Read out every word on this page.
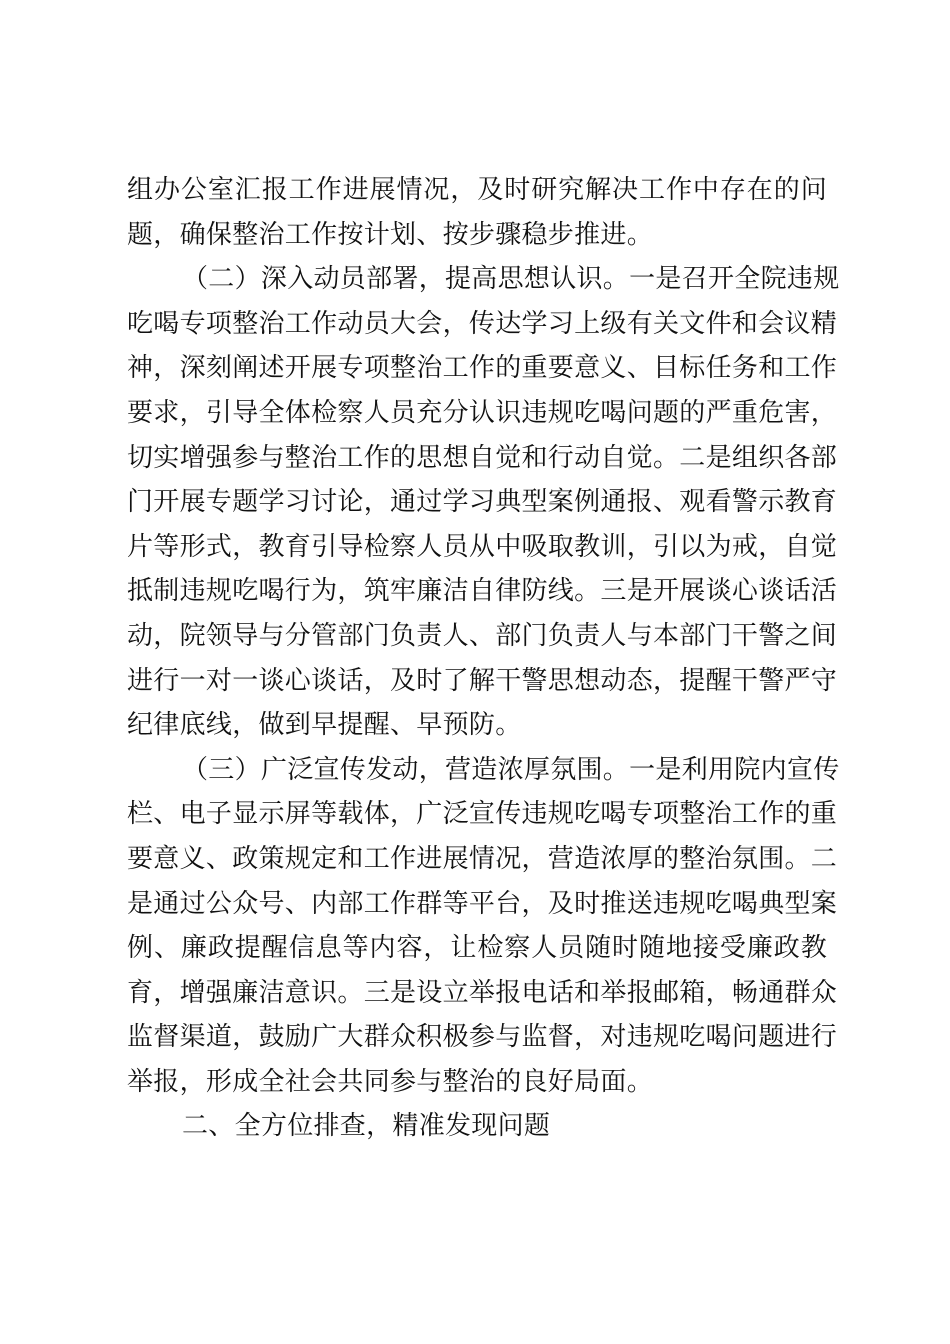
组办公室汇报工作进展情况，及时研究解决工作中存在的问
题，确保整治工作按计划、按步骤稳步推进。
（二）深入动员部署，提高思想认识。一是召开全院违规
吃喝专项整治工作动员大会，传达学习上级有关文件和会议精
神，深刻阐述开展专项整治工作的重要意义、目标任务和工作
要求，引导全体检察人员充分认识违规吃喝问题的严重危害，
切实增强参与整治工作的思想自觉和行动自觉。二是组织各部
门开展专题学习讨论，通过学习典型案例通报、观看警示教育
片等形式，教育引导检察人员从中吸取教训，引以为戒，自觉
抵制违规吃喝行为，筑牢廉洁自律防线。三是开展谈心谈话活
动，院领导与分管部门负责人、部门负责人与本部门干警之间
进行一对一谈心谈话，及时了解干警思想动态，提醒干警严守
纪律底线，做到早提醒、早预防。
（三）广泛宣传发动，营造浓厚氛围。一是利用院内宣传
栏、电子显示屏等载体，广泛宣传违规吃喝专项整治工作的重
要意义、政策规定和工作进展情况，营造浓厚的整治氛围。二
是通过公众号、内部工作群等平台，及时推送违规吃喝典型案
例、廉政提醒信息等内容，让检察人员随时随地接受廉政教
育，增强廉洁意识。三是设立举报电话和举报邮箱，畅通群众
监督渠道，鼓励广大群众积极参与监督，对违规吃喝问题进行
举报，形成全社会共同参与整治的良好局面。
二、全方位排查，精准发现问题
